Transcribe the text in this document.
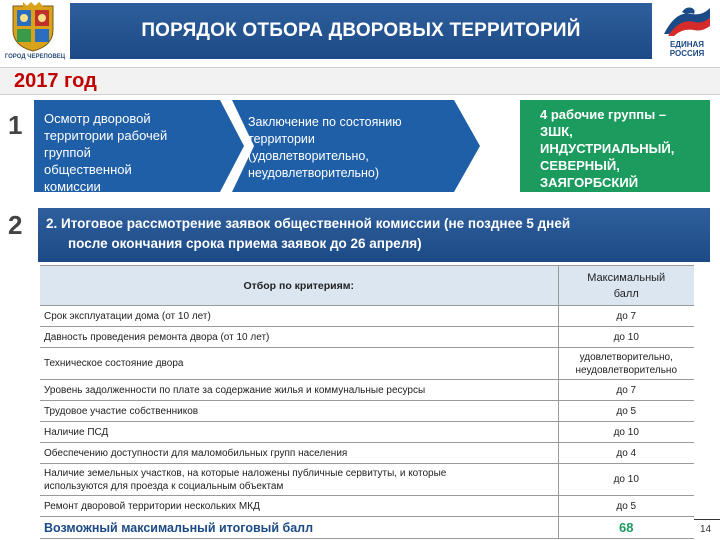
ГОРОД ЧЕРЕПОВЕЦ
ПОРЯДОК ОТБОРА ДВОРОВЫХ ТЕРРИТОРИЙ
ЕДИНАЯ
РОССИЯ
2017 год
1 Осмотр дворовой
территории рабочей
группой
общественной
комиссии
Заключение по состоянию
территории
(удовлетворительно,
неудовлетворительно)
4 рабочие группы –
ЗШК,
ИНДУСТРИАЛЬНЫЙ,
СЕВЕРНЫЙ,
ЗАЯГОРБСКИЙ
2 2. Итоговое рассмотрение заявок общественной комиссии (не позднее 5 дней
после окончания срока приема заявок до 26 апреля)
Отбор по критериям:	Максимальный
балл

Срок эксплуатации дома (от 10 лет)	до 7
Давность проведения ремонта двора (от 10 лет)	до 10
Техническое состояние двора	удовлетворительно,
неудовлетворительно

Уровень задолженности по плате за содержание жилья и коммунальные ресурсы	до 7
Трудовое участие собственников	до 5
Наличие ПСД	до 10
Обеспечению доступности для маломобильных групп населения	до 4

Наличие земельных участков, на которые наложены публичные сервитуты, и которые
используются для проезда к социальным объектам	до 10
Ремонт дворовой территории нескольких МКД	до 5
Возможный максимальный итоговый балл	68	14
